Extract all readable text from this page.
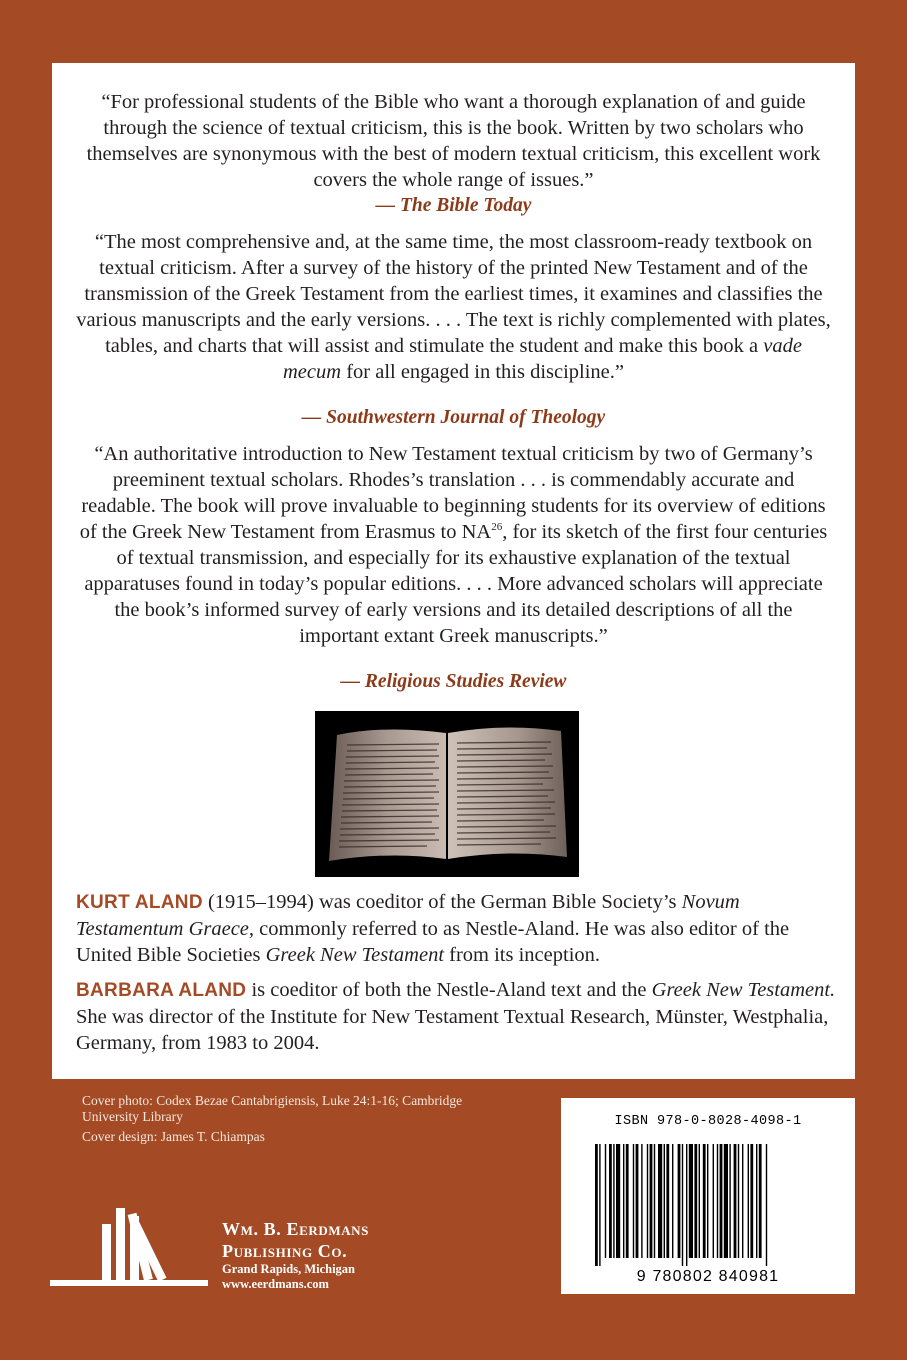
“For professional students of the Bible who want a thorough explanation of and guide through the science of textual criticism, this is the book. Written by two scholars who themselves are synonymous with the best of modern textual criticism, this excellent work covers the whole range of issues.”

— The Bible Today

“The most comprehensive and, at the same time, the most classroom-ready textbook on textual criticism. After a survey of the history of the printed New Testament and of the transmission of the Greek Testament from the earliest times, it examines and classifies the various manuscripts and the early versions. . . . The text is richly complemented with plates, tables, and charts that will assist and stimulate the student and make this book a vade mecum for all engaged in this discipline.”

— Southwestern Journal of Theology

“An authoritative introduction to New Testament textual criticism by two of Germany’s preeminent textual scholars. Rhodes’s translation . . . is commendably accurate and readable. The book will prove invaluable to beginning students for its overview of editions of the Greek New Testament from Erasmus to NA$^{26}$, for its sketch of the first four centuries of textual transmission, and especially for its exhaustive explanation of the textual apparatuses found in today’s popular editions. . . . More advanced scholars will appreciate the book’s informed survey of early versions and its detailed descriptions of all the important extant Greek manuscripts.”

— Religious Studies Review

KURT ALAND (1915–1994) was coeditor of the German Bible Society’s Novum Testamentum Graece, commonly referred to as Nestle-Aland. He was also editor of the United Bible Societies Greek New Testament from its inception.

BARBARA ALAND is coeditor of both the Nestle-Aland text and the Greek New Testament. She was director of the Institute for New Testament Textual Research, Münster, Westphalia, Germany, from 1983 to 2004.

Cover photo: Codex Bezae Cantabrigiensis, Luke 24:1-16; Cambridge University Library
Cover design: James T. Chiampas
ISBN 978-0-8028-4098-1
9 780802 840981
Wm. B. Eerdmans
Publishing Co.
Grand Rapids, Michigan
www.eerdmans.com
